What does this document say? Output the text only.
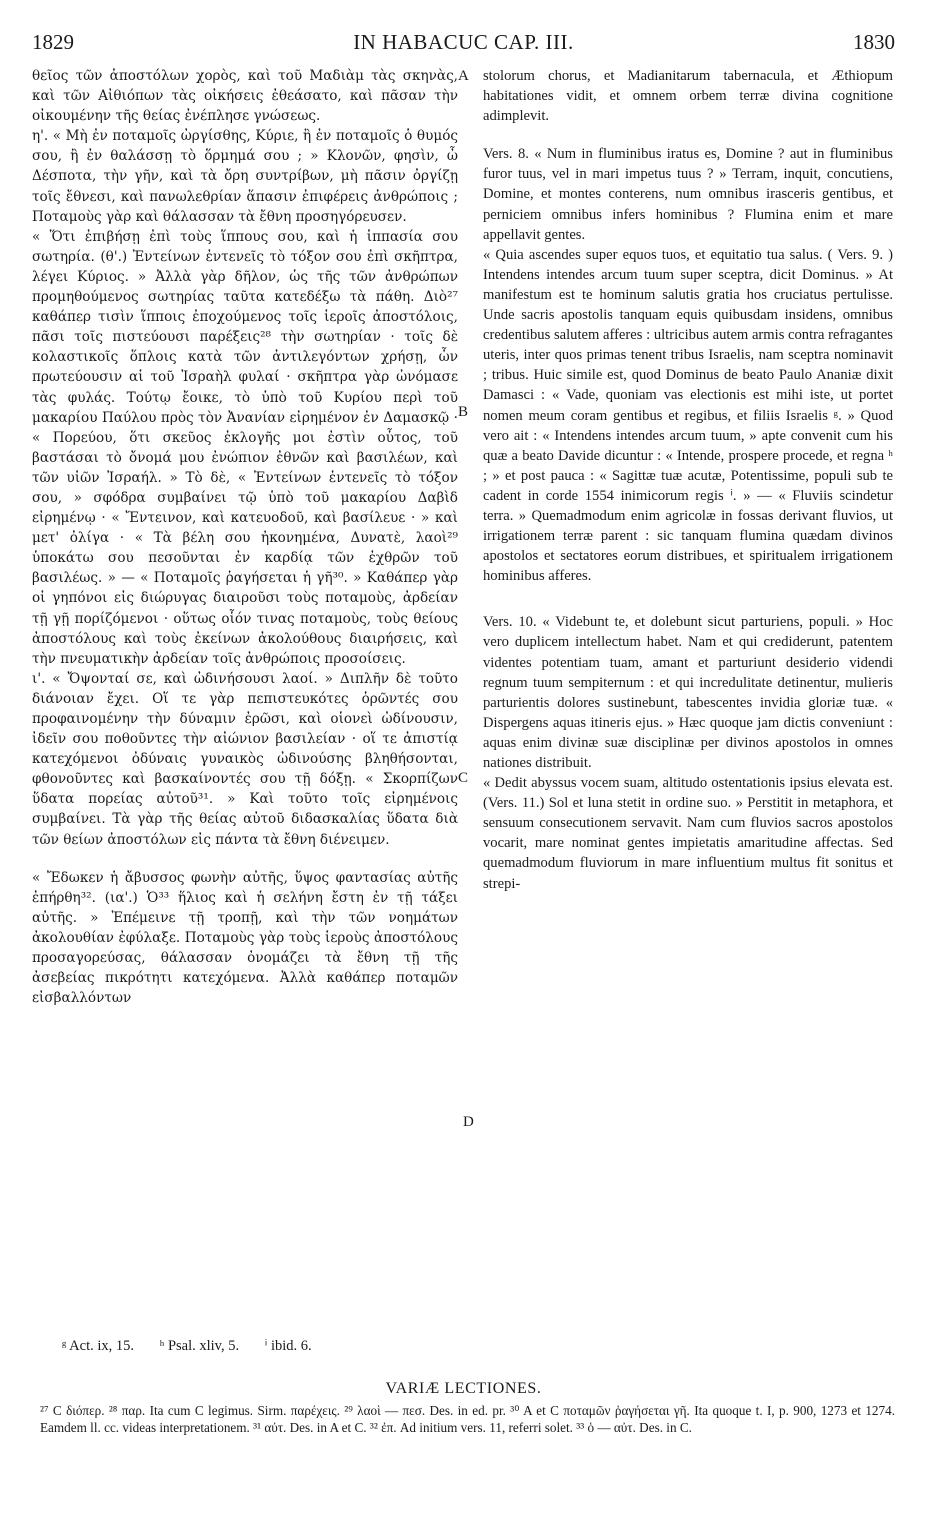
1829	IN HABACUC CAP. III.	1830

θεῖος τῶν ἀποστόλων χορὸς, καὶ τοῦ Μαδιὰμ τὰς σκηνὰς, καὶ τῶν Αἰθιόπων τὰς οἰκήσεις ἐθεάσατο, καὶ πᾶσαν τὴν οἰκουμένην τῆς θείας ἐνέπλησε γνώσεως.

η'. « Μὴ ἐν ποταμοῖς ὠργίσθης, Κύριε, ἢ ἐν ποταμοῖς ὁ θυμός σου, ἢ ἐν θαλάσσῃ τὸ ὅρμημά σου ; » Κλονῶν, φησὶν, ὦ Δέσποτα, τὴν γῆν, καὶ τὰ ὄρη συντρίβων, μὴ πᾶσιν ὀργίζῃ τοῖς ἔθνεσι, καὶ πανωλεθρίαν ἅπασιν ἐπιφέρεις ἀνθρώποις ; Ποταμοὺς γὰρ καὶ θάλασσαν τὰ ἔθνη προσηγόρευσεν.

« Ὅτι ἐπιβήσῃ ἐπὶ τοὺς ἵππους σου, καὶ ἡ ἱππασία σου σωτηρία. (θ'.) Ἐντείνων ἐντενεῖς τὸ τόξον σου ἐπὶ σκῆπτρα, λέγει Κύριος. » Ἀλλὰ γὰρ δῆλον, ὡς τῆς τῶν ἀνθρώπων προμηθούμενος σωτηρίας ταῦτα κατεδέξω τὰ πάθη. Διὸ²⁷ καθάπερ τισὶν ἵπποις ἐποχούμενος τοῖς ἱεροῖς ἀποστόλοις, πᾶσι τοῖς πιστεύουσι παρέξεις²⁸ τὴν σωτηρίαν · τοῖς δὲ κολαστικοῖς ὅπλοις κατὰ τῶν ἀντιλεγόντων χρήσῃ, ὧν πρωτεύουσιν αἱ τοῦ Ἰσραὴλ φυλαί · σκῆπτρα γὰρ ὠνόμασε τὰς φυλάς. Τούτῳ ἔοικε, τὸ ὑπὸ τοῦ Κυρίου περὶ τοῦ μακαρίου Παύλου πρὸς τὸν Ἀνανίαν εἰρημένον ἐν Δαμασκῷ · « Πορεύου, ὅτι σκεῦος ἐκλογῆς μοι ἐστὶν οὗτος, τοῦ βαστάσαι τὸ ὄνομά μου ἐνώπιον ἐθνῶν καὶ βασιλέων, καὶ τῶν υἱῶν Ἰσραήλ. » Τὸ δὲ, « Ἐντείνων ἐντενεῖς τὸ τόξον σου, » σφόδρα συμβαίνει τῷ ὑπὸ τοῦ μακαρίου Δαβὶδ εἰρημένῳ · « Ἔντεινον, καὶ κατευοδοῦ, καὶ βασίλευε · » καὶ μετ' ὀλίγα · « Τὰ βέλη σου ἠκονημένα, Δυνατὲ, λαοὶ²⁹ ὑποκάτω σου πεσοῦνται ἐν καρδίᾳ τῶν ἐχθρῶν τοῦ βασιλέως. » — « Ποταμοῖς ῥαγήσεται ἡ γῆ³⁰. » Καθάπερ γὰρ οἱ γηπόνοι εἰς διώρυγας διαιροῦσι τοὺς ποταμοὺς, ἀρδείαν τῇ γῇ πορίζόμενοι · οὕτως οἷόν τινας ποταμοὺς, τοὺς θείους ἀποστόλους καὶ τοὺς ἐκείνων ἀκολούθους διαιρήσεις, καὶ τὴν πνευματικὴν ἀρδείαν τοῖς ἀνθρώποις προσοίσεις.

ι'. « Ὄψονταί σε, καὶ ὠδινήσουσι λαοί. » Διπλῆν δὲ τοῦτο διάνοιαν ἔχει. Οἵ τε γὰρ πεπιστευκότες ὁρῶντές σου προφαινομένην τὴν δύναμιν ἐρῶσι, καὶ οἱονεὶ ὠδίνουσιν, ἰδεῖν σου ποθοῦντες τὴν αἰώνιον βασιλείαν · οἵ τε ἀπιστίᾳ κατεχόμενοι ὀδύναις γυναικὸς ὠδινούσης βληθήσονται, φθονοῦντες καὶ βασκαίνοντές σου τῇ δόξῃ. « Σκορπίζων ὕδατα πορείας αὐτοῦ³¹. » Καὶ τοῦτο τοῖς εἰρημένοις συμβαίνει. Τὰ γὰρ τῆς θείας αὐτοῦ διδασκαλίας ὕδατα διὰ τῶν θείων ἀποστόλων εἰς πάντα τὰ ἔθνη διένειμεν.

« Ἔδωκεν ἡ ἄβυσσος φωνὴν αὐτῆς, ὕψος φαντασίας αὐτῆς ἐπήρθη³². (ια'.) Ὁ³³ ἥλιος καὶ ἡ σελήνη ἔστη ἐν τῇ τάξει αὐτῆς. » Ἐπέμεινε τῇ τροπῇ, καὶ τὴν τῶν νοημάτων ἀκολουθίαν ἐφύλαξε. Ποταμοὺς γὰρ τοὺς ἱεροὺς ἀποστόλους προσαγορεύσας, θάλασσαν ὀνομάζει τὰ ἔθνη τῇ τῆς ἀσεβείας πικρότητι κατεχόμενα. Ἀλλὰ καθάπερ ποταμῶν εἰσβαλλόντων

stolorum chorus, et Madianitarum tabernacula, et Æthiopum habitationes vidit, et omnem orbem terræ divina cognitione adimplevit.

Vers. 8. « Num in fluminibus iratus es, Domine ? aut in fluminibus furor tuus, vel in mari impetus tuus ? » Terram, inquit, concutiens, Domine, et montes conterens, num omnibus irasceris gentibus, et perniciem omnibus infers hominibus ? Flumina enim et mare appellavit gentes.

« Quia ascendes super equos tuos, et equitatio tua salus. ( Vers. 9. ) Intendens intendes arcum tuum super sceptra, dicit Dominus. » At manifestum est te hominum salutis gratia hos cruciatus pertulisse. Unde sacris apostolis tanquam equis quibusdam insidens, omnibus credentibus salutem afferes : ultricibus autem armis contra refragantes uteris, inter quos primas tenent tribus Israelis, nam sceptra nominavit ; tribus. Huic simile est, quod Dominus de beato Paulo Ananiæ dixit Damasci : « Vade, quoniam vas electionis est mihi iste, ut portet nomen meum coram gentibus et regibus, et filiis Israelis ᵍ. » Quod vero ait : « Intendens intendes arcum tuum, » apte convenit cum his quæ a beato Davide dicuntur : « Intende, prospere procede, et regna ʰ ; » et post pauca : « Sagittæ tuæ acutæ, Potentissime, populi sub te cadent in corde 1554 inimicorum regis ⁱ. » — « Fluviis scindetur terra. » Quemadmodum enim agricolæ in fossas derivant fluvios, ut irrigationem terræ parent : sic tanquam flumina quædam divinos apostolos et sectatores eorum distribues, et spiritualem irrigationem hominibus afferes.

Vers. 10. « Videbunt te, et dolebunt sicut parturiens, populi. » Hoc vero duplicem intellectum habet. Nam et qui crediderunt, patentem videntes potentiam tuam, amant et parturiunt desiderio videndi regnum tuum sempiternum : et qui incredulitate detinentur, mulieris parturientis dolores sustinebunt, tabescentes invidia gloriæ tuæ. « Dispergens aquas itineris ejus. » Hæc quoque jam dictis conveniunt : aquas enim divinæ suæ disciplinæ per divinos apostolos in omnes nationes distribuit.

« Dedit abyssus vocem suam, altitudo ostentationis ipsius elevata est. (Vers. 11.) Sol et luna stetit in ordine suo. » Perstitit in metaphora, et sensuum consecutionem servavit. Nam cum fluvios sacros apostolos vocarit, mare nominat gentes impietatis amaritudine affectas. Sed quemadmodum fluviorum in mare influentium multus fit sonitus et strepi-

A
B
C
D
ᵍ Act. ix, 15. ʰ Psal. xliv, 5. ⁱ ibid. 6.
VARIÆ LECTIONES.
²⁷ C διόπερ. ²⁸ παρ. Ita cum C legimus. Sirm. παρέχεις. ²⁹ λαοὶ — πεσ. Des. in ed. pr. ³⁰ A et C ποταμῶν ῥαγήσεται γῆ. Ita quoque t. I, p. 900, 1273 et 1274. Eamdem ll. cc. videas interpretationem. ³¹ αὐτ. Des. in A et C. ³² ἐπ. Ad initium vers. 11, referri solet. ³³ ὁ — αὐτ. Des. in C.
